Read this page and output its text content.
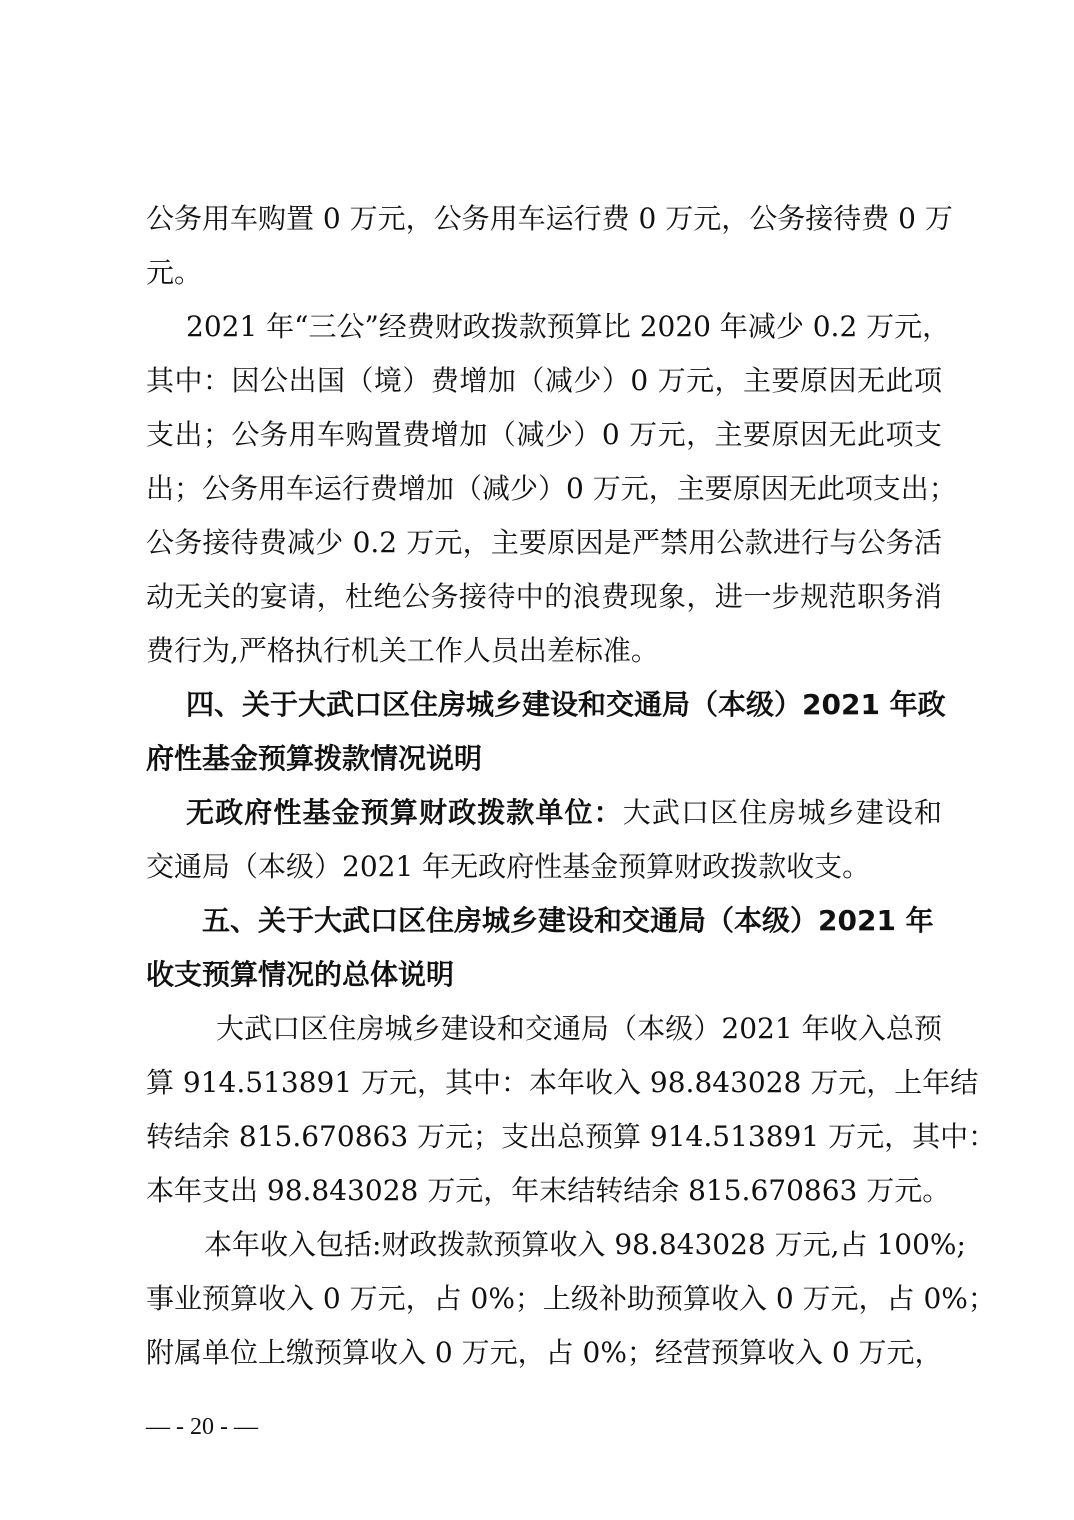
公务用车购置 0 万元，公务用车运行费 0 万元，公务接待费 0 万
元。
2021 年“三公”经费财政拨款预算比 2020 年减少 0.2 万元，
其中：因公出国（境）费增加（减少）0 万元，主要原因无此项
支出；公务用车购置费增加（减少）0 万元，主要原因无此项支
出；公务用车运行费增加（减少）0 万元，主要原因无此项支出；
公务接待费减少 0.2 万元，主要原因是严禁用公款进行与公务活
动无关的宴请，杜绝公务接待中的浪费现象，进一步规范职务消
费行为,严格执行机关工作人员出差标准。
四、关于大武口区住房城乡建设和交通局（本级）2021 年政
府性基金预算拨款情况说明
无政府性基金预算财政拨款单位：大武口区住房城乡建设和
交通局（本级）2021 年无政府性基金预算财政拨款收支。
五、关于大武口区住房城乡建设和交通局（本级）2021 年
收支预算情况的总体说明
大武口区住房城乡建设和交通局（本级）2021 年收入总预
算 914.513891 万元，其中：本年收入 98.843028 万元，上年结
转结余 815.670863 万元；支出总预算 914.513891 万元，其中：
本年支出 98.843028 万元，年末结转结余 815.670863 万元。
本年收入包括:财政拨款预算收入 98.843028 万元,占 100%;
事业预算收入 0 万元，占 0%；上级补助预算收入 0 万元，占 0%；
附属单位上缴预算收入 0 万元，占 0%；经营预算收入 0 万元，
— - 20 - —
